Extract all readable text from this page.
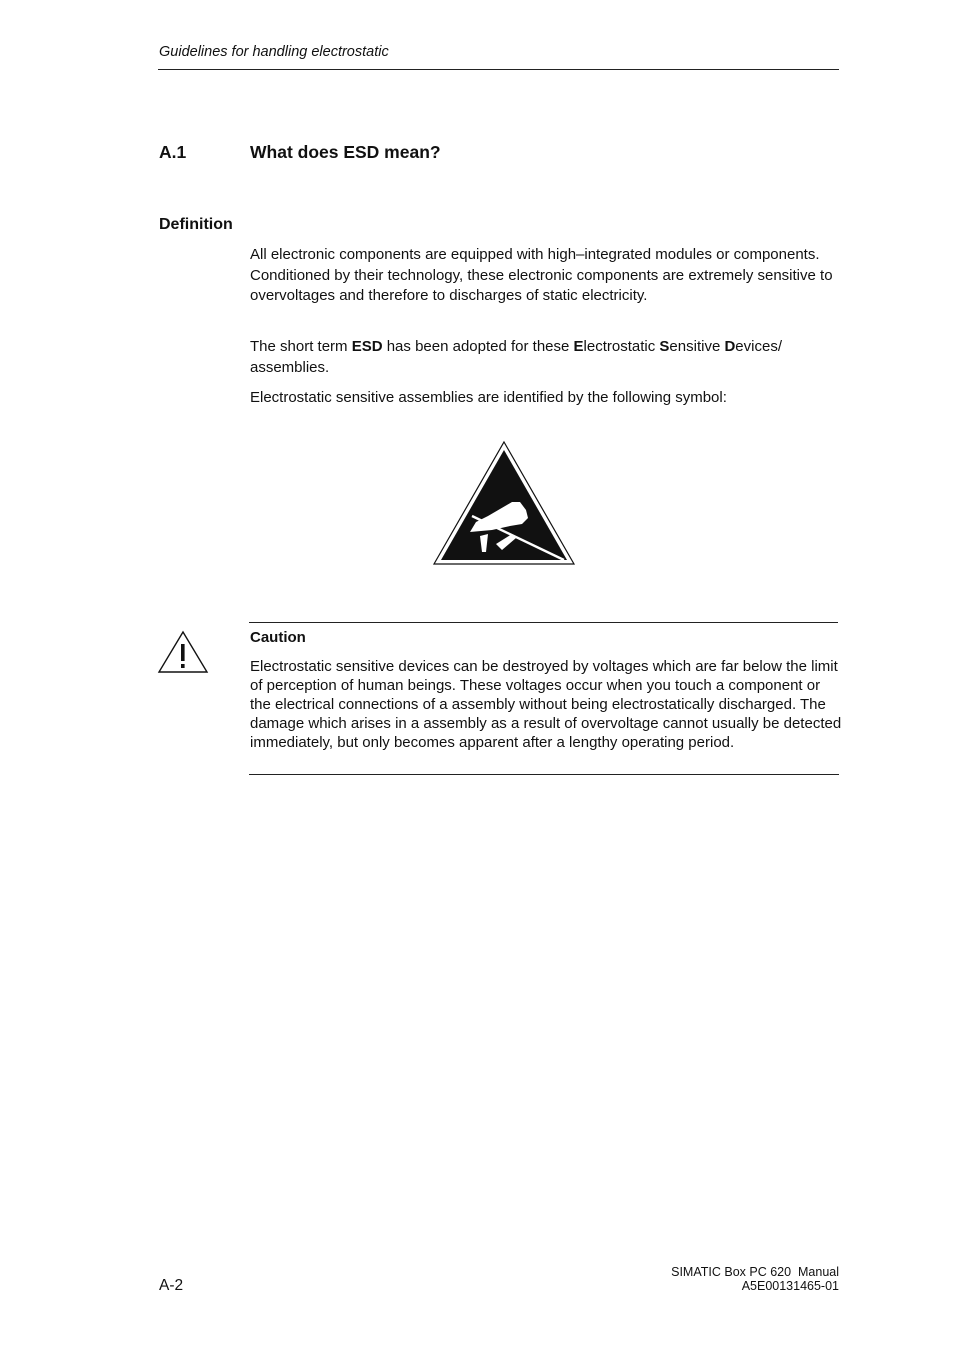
Guidelines for handling electrostatic
A.1	What does ESD mean?
Definition
All electronic components are equipped with high–integrated modules or components. Conditioned by their technology, these electronic components are extremely sensitive to overvoltages and therefore to discharges of static electricity.
The short term ESD has been adopted for these Electrostatic Sensitive Devices/ assemblies.
Electrostatic sensitive assemblies are identified by the following symbol:
Caution
Electrostatic sensitive devices can be destroyed by voltages which are far below the limit of perception of human beings. These voltages occur when you touch a component or the electrical connections of a assembly without being electrostatically discharged. The damage which arises in a assembly as a result of overvoltage cannot usually be detected immediately, but only becomes apparent after a lengthy operating period.
A-2
SIMATIC Box PC 620  Manual
A5E00131465-01
